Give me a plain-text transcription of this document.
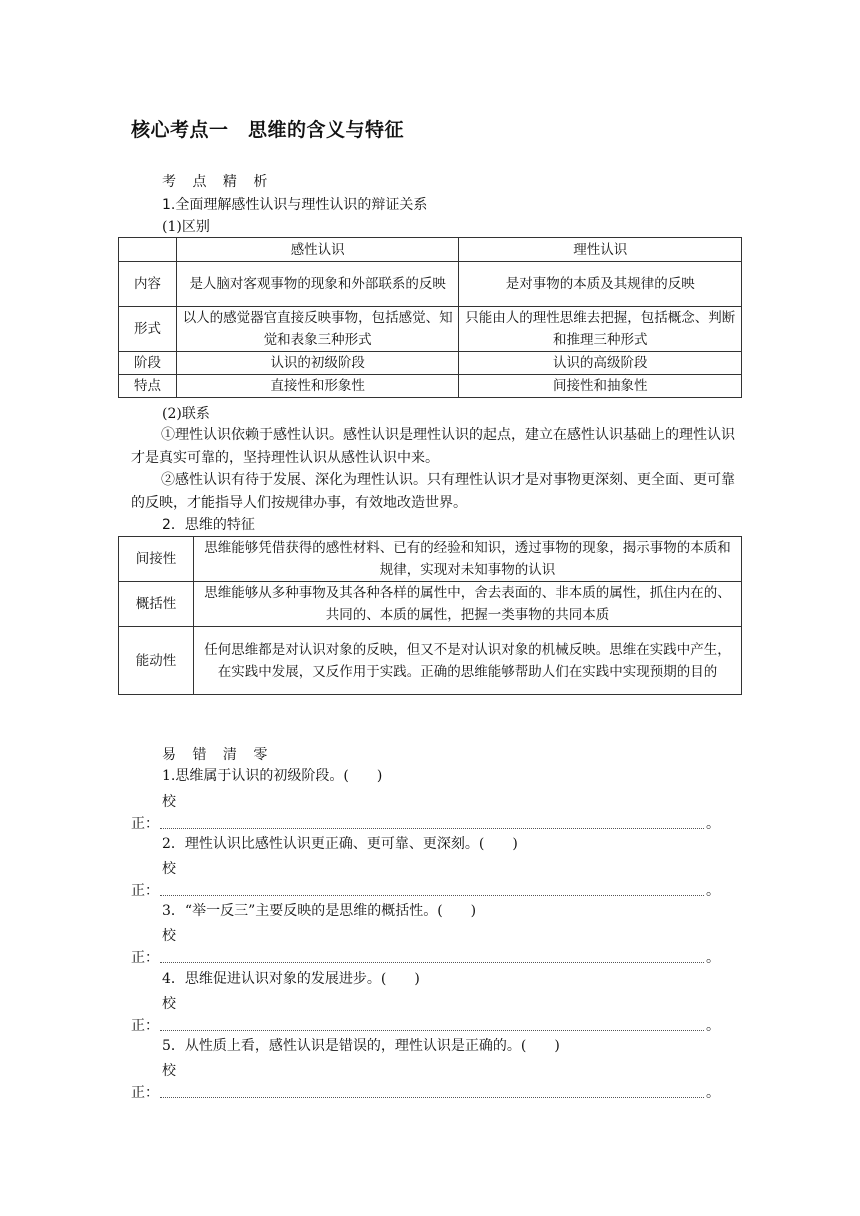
核心考点一　思维的含义与特征
考 点 精 析
1.全面理解感性认识与理性认识的辩证关系
(1)区别
	感性认识	理性认识
内容	是人脑对客观事物的现象和外部联系的反映	是对事物的本质及其规律的反映
形式	以人的感觉器官直接反映事物，包括感觉、知觉和表象三种形式	只能由人的理性思维去把握，包括概念、判断和推理三种形式
阶段	认识的初级阶段	认识的高级阶段
特点	直接性和形象性	间接性和抽象性
(2)联系
①理性认识依赖于感性认识。感性认识是理性认识的起点，建立在感性认识基础上的理性认识才是真实可靠的，坚持理性认识从感性认识中来。
②感性认识有待于发展、深化为理性认识。只有理性认识才是对事物更深刻、更全面、更可靠的反映，才能指导人们按规律办事，有效地改造世界。
2．思维的特征
间接性	思维能够凭借获得的感性材料、已有的经验和知识，透过事物的现象，揭示事物的本质和规律，实现对未知事物的认识
概括性	思维能够从多种事物及其各种各样的属性中，舍去表面的、非本质的属性，抓住内在的、共同的、本质的属性，把握一类事物的共同本质
能动性	任何思维都是对认识对象的反映，但又不是对认识对象的机械反映。思维在实践中产生，在实践中发展，又反作用于实践。正确的思维能够帮助人们在实践中实现预期的目的
易 错 清 零
1.思维属于认识的初级阶段。(　　)
校
正：	。
2．理性认识比感性认识更正确、更可靠、更深刻。(　　)
校
正：	。
3．“举一反三”主要反映的是思维的概括性。(　　)
校
正：	。
4．思维促进认识对象的发展进步。(　　)
校
正：	。
5．从性质上看，感性认识是错误的，理性认识是正确的。(　　)
校
正：	。
